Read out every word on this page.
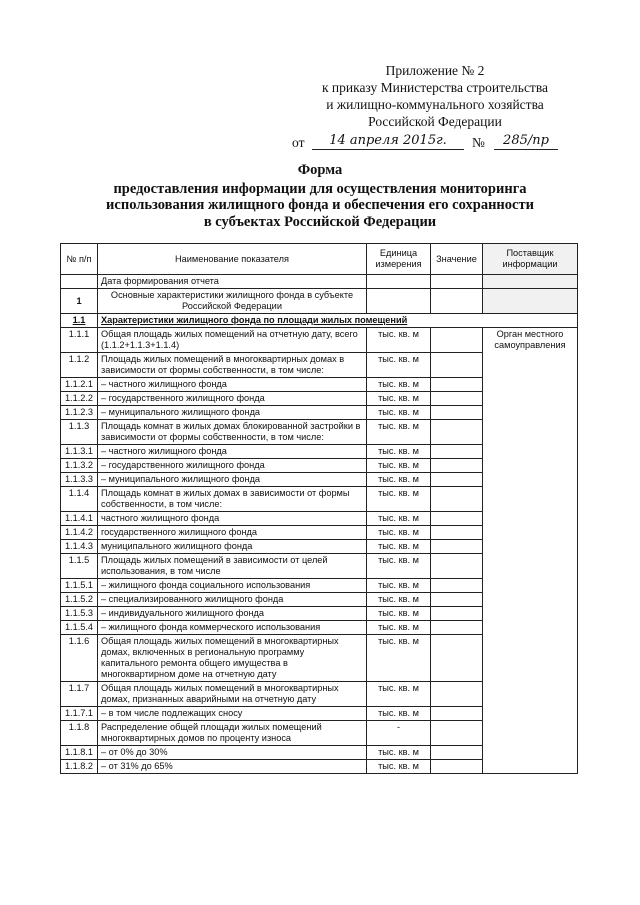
Приложение № 2
к приказу Министерства строительства
и жилищно-коммунального хозяйства
Российской Федерации
от	14 апреля 2015г.	№	285/пр
Форма
предоставления информации для осуществления мониторинга
использования жилищного фонда и обеспечения его сохранности
в субъектах Российской Федерации
№ п/п	Наименование показателя	Единица измерения	Значение	Поставщик информации
	Дата формирования отчета			
1	Основные характеристики жилищного фонда в субъекте Российской Федерации			
1.1	Характеристики жилищного фонда по площади жилых помещений			
1.1.1	Общая площадь жилых помещений на отчетную дату, всего (1.1.2+1.1.3+1.1.4)	тыс. кв. м		Орган местного самоуправления
1.1.2	Площадь жилых помещений в многоквартирных домах в зависимости от формы собственности, в том числе:	тыс. кв. м		
1.1.2.1	– частного жилищного фонда	тыс. кв. м		
1.1.2.2	– государственного жилищного фонда	тыс. кв. м		
1.1.2.3	– муниципального жилищного фонда	тыс. кв. м		
1.1.3	Площадь комнат в жилых домах блокированной застройки в зависимости от формы собственности, в том числе:	тыс. кв. м		
1.1.3.1	– частного жилищного фонда	тыс. кв. м		
1.1.3.2	– государственного жилищного фонда	тыс. кв. м		
1.1.3.3	– муниципального жилищного фонда	тыс. кв. м		
1.1.4	Площадь комнат в жилых домах в зависимости от формы собственности, в том числе:	тыс. кв. м		
1.1.4.1	частного жилищного фонда	тыс. кв. м		
1.1.4.2	государственного жилищного фонда	тыс. кв. м		
1.1.4.3	муниципального жилищного фонда	тыс. кв. м		
1.1.5	Площадь жилых помещений в зависимости от целей использования, в том числе	тыс. кв. м		
1.1.5.1	– жилищного фонда социального использования	тыс. кв. м		
1.1.5.2	– специализированного жилищного фонда	тыс. кв. м		
1.1.5.3	– индивидуального жилищного фонда	тыс. кв. м		
1.1.5.4	– жилищного фонда коммерческого использования	тыс. кв. м		
1.1.6	Общая площадь жилых помещений в многоквартирных домах, включенных в региональную программу капитального ремонта общего имущества в многоквартирном доме на отчетную дату	тыс. кв. м		
1.1.7	Общая площадь жилых помещений в многоквартирных домах, признанных аварийными на отчетную дату	тыс. кв. м		
1.1.7.1	– в том числе подлежащих сносу	тыс. кв. м		
1.1.8	Распределение общей площади жилых помещений многоквартирных домов по проценту износа	-		
1.1.8.1	– от 0% до 30%	тыс. кв. м		
1.1.8.2	– от 31% до 65%	тыс. кв. м		
